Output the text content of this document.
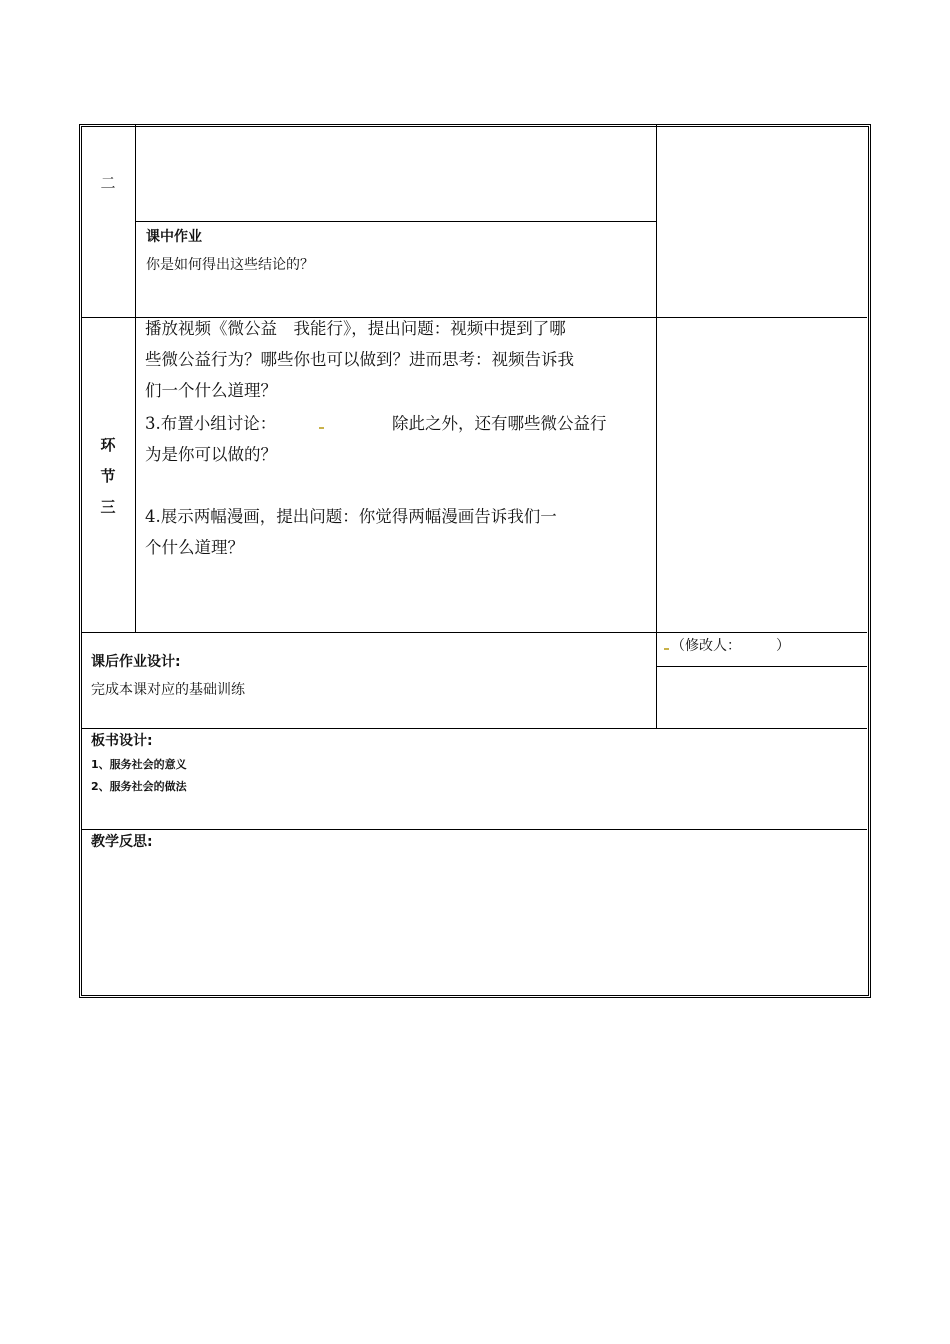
二
课中作业
你是如何得出这些结论的？
环
节
三
播放视频《微公益　我能行》，提出问题：视频中提到了哪
些微公益行为？哪些你也可以做到？进而思考：视频告诉我
们一个什么道理？
3.布置小组讨论：	除此之外，还有哪些微公益行
为是你可以做的？
4.展示两幅漫画，提出问题：你觉得两幅漫画告诉我们一
个什么道理？
课后作业设计:
完成本课对应的基础训练
（修改人：　　　）
板书设计:
1、服务社会的意义
2、服务社会的做法
教学反思:
